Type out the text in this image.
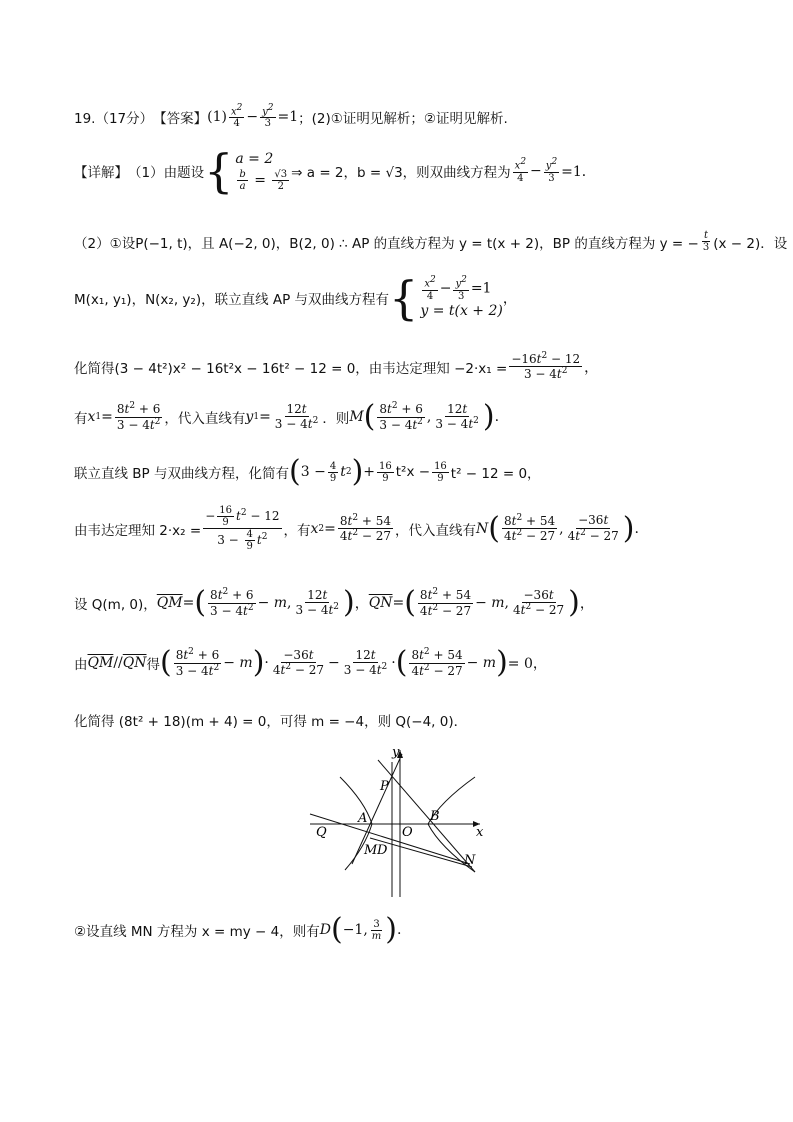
19.（17分） 【答案】 $(1) \frac{x^2}{4} - \frac{y^2}{3} =1$ ；(2)①证明见解析；②证明见解析.
【详解】 （1）由题设 { a = 2
$\frac{b}{a} = \frac{√3}{2}$ ⇒ a = 2，b = √3，则双曲线方程为 $\frac{x^2}{4} - \frac{y^2}{3} =1$．
（2）①设 P(−1, t)，且 A(−2, 0)，B(2, 0) ∴ AP 的直线方程为 y = t(x + 2)，BP 的直线方程为 y = − $\frac{t}{3} (x - 2)$．设
M(x₁, y₁)，N(x₂, y₂)，联立直线 AP 与双曲线方程有 { $\frac{x^2}{4} - \frac{y^2}{3} =1$
y = t(x + 2)
，
化简得 (3 − 4t²)x² − 16t²x − 16t² − 12 = 0，由韦达定理知 $-2\cdot x_1 = \frac{-16t^2 - 12}{3 - 4t^2}$ ，
有 x $1 = \frac{8t^2 + 6}{3 - 4t^2}$ ，代入直线有 y $1 = \frac{12t}{3 - 4t^2}$ ．则 M ( $\frac{8t^2 + 6}{3 - 4t^2}$ , $\frac{12t}{3 - 4t^2}$ ) .
联立直线 BP 与双曲线方程，化简有 ( $3 - \frac{4}{9}$ t 2 ) + $\frac{16}{9} t^2x - \frac{16}{9} t^2 - 12 = 0$，
由韦达定理知 $2\cdot x_2 = \frac{- \frac{16}{9} t^2 - 12}{3 - \frac{4}{9} t^2}$ ，有 x $2 = \frac{8t^2 + 54}{4t^2 - 27}$ ，代入直线有 N ( $\frac{8t^2 + 54}{4t^2 - 27}$ , $\frac{-36t}{4t^2 - 27}$ ) .
设 Q(m, 0)， $\overline{QM}$ = ( $\frac{8t^2 + 6}{3 - 4t^2} - m$, $\frac{12t}{3 - 4t^2}$ ) ， $\overline{QN}$ = ( $\frac{8t^2 + 54}{4t^2 - 27} - m$, $\frac{-36t}{4t^2 - 27}$ ) ，
由 $\overline{QM} // \overline{QN}$ 得 ( $\frac{8t^2 + 6}{3 - 4t^2} - m$ ) · $\frac{-36t}{4t^2 - 27} - \frac{12t}{3 - 4t^2}$ · ( $\frac{8t^2 + 54}{4t^2 - 27} - m$ ) = 0，
化简得 (8t² + 18)(m + 4) = 0，可得 m = −4，则 Q(−4, 0)．
y
x
P
A
O
B
Q
M D
N
②设直线 MN 方程为 x = my − 4，则有 D ( −1, $\frac{3}{m}$ ) .
